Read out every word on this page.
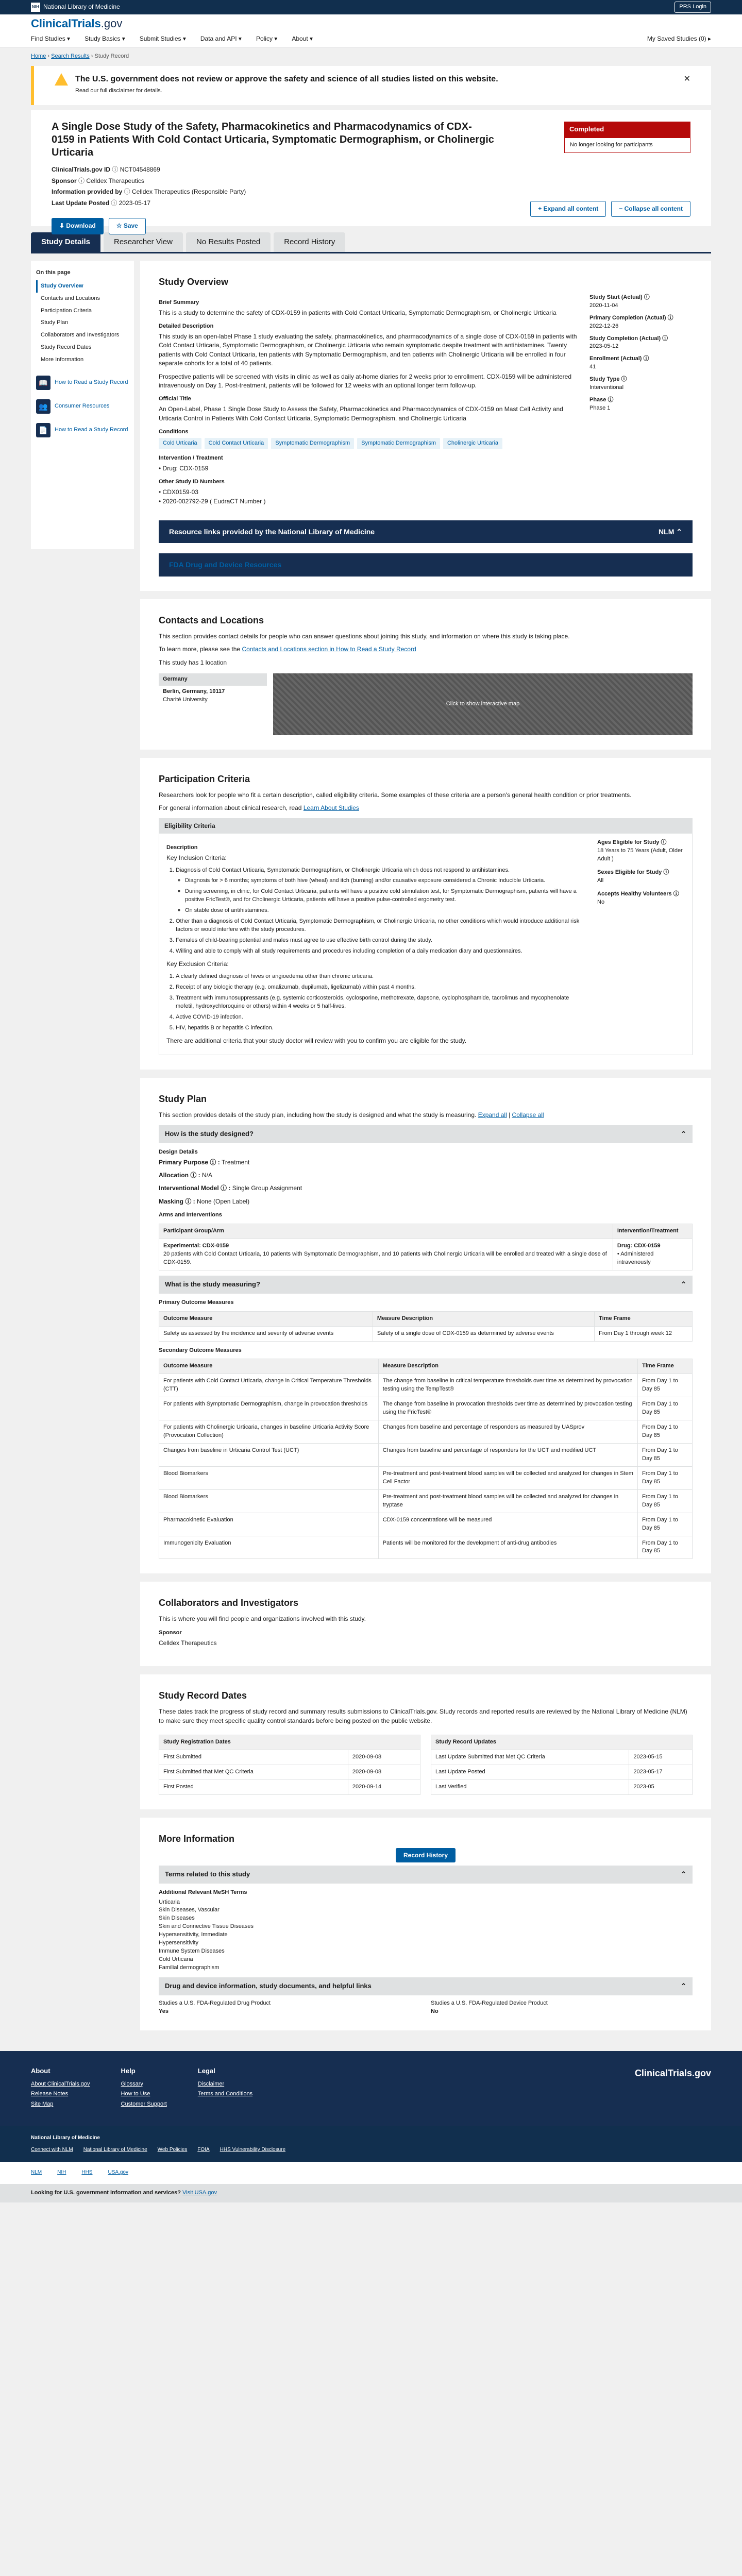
NIH National Library of Medicine	PRS Login
ClinicalTrials.gov
Find Studies ▾ Study Basics ▾ Submit Studies ▾ Data and API ▾ Policy ▾ About ▾	My Saved Studies (0) ▸
Home › Search Results › Study Record
The U.S. government does not review or approve the safety and science of all studies listed on this website.

Read our full disclaimer for details.

✕
A Single Dose Study of the Safety, Pharmacokinetics and Pharmacodynamics of CDX-0159 in Patients With Cold Contact Urticaria, Symptomatic Dermographism, or Cholinergic Urticaria
ClinicalTrials.gov ID ⓘ NCT04548869
Sponsor ⓘ Celldex Therapeutics
Information provided by ⓘ Celldex Therapeutics (Responsible Party)
Last Update Posted ⓘ 2023-05-17
Completed
No longer looking for participants
⬇ Download	☆ Save
+ Expand all content	− Collapse all content
Study Details	Researcher View	No Results Posted	Record History
On this page
Study Overview
Contacts and Locations
Participation Criteria
Study Plan
Collaborators and Investigators
Study Record Dates
More Information
📖	How to Read a Study Record
👥	Consumer Resources
📄	How to Read a Study Record
Study Overview
Brief Summary

This is a study to determine the safety of CDX-0159 in patients with Cold Contact Urticaria, Symptomatic Dermographism, or Cholinergic Urticaria

Detailed Description

This study is an open-label Phase 1 study evaluating the safety, pharmacokinetics, and pharmacodynamics of a single dose of CDX-0159 in patients with Cold Contact Urticaria, Symptomatic Dermographism, or Cholinergic Urticaria who remain symptomatic despite treatment with antihistamines. Twenty patients with Cold Contact Urticaria, ten patients with Symptomatic Dermographism, and ten patients with Cholinergic Urticaria will be enrolled in four separate cohorts for a total of 40 patients.

Prospective patients will be screened with visits in clinic as well as daily at-home diaries for 2 weeks prior to enrollment. CDX-0159 will be administered intravenously on Day 1. Post-treatment, patients will be followed for 12 weeks with an optional longer term follow-up.

Official Title

An Open-Label, Phase 1 Single Dose Study to Assess the Safety, Pharmacokinetics and Pharmacodynamics of CDX-0159 on Mast Cell Activity and Urticaria Control in Patients With Cold Contact Urticaria, Symptomatic Dermographism, and Cholinergic Urticaria

Conditions
Cold Urticaria	Cold Contact Urticaria	Symptomatic Dermographism	Symptomatic Dermographism	Cholinergic Urticaria
Intervention / Treatment

• Drug: CDX-0159

Other Study ID Numbers

• CDX0159-03
• 2020-002792-29 ( EudraCT Number )

Study Start (Actual) ⓘ
2020-11-04
Primary Completion (Actual) ⓘ
2022-12-26
Study Completion (Actual) ⓘ
2023-05-12
Enrollment (Actual) ⓘ
41
Study Type ⓘ
Interventional
Phase ⓘ
Phase 1
Resource links provided by the National Library of Medicine	NLM ⌃
FDA Drug and Device Resources
Contacts and Locations

This section provides contact details for people who can answer questions about joining this study, and information on where this study is taking place.

To learn more, please see the Contacts and Locations section in How to Read a Study Record

This study has 1 location

Germany
Berlin, Germany, 10117
Charité University
Click to show interactive map
Participation Criteria

Researchers look for people who fit a certain description, called eligibility criteria. Some examples of these criteria are a person's general health condition or prior treatments.

For general information about clinical research, read Learn About Studies

Eligibility Criteria
Description

Key Inclusion Criteria:

1. Diagnosis of Cold Contact Urticaria, Symptomatic Dermographism, or Cholinergic Urticaria which does not respond to antihistamines.
◦ Diagnosis for > 6 months; symptoms of both hive (wheal) and itch (burning) and/or causative exposure considered a Chronic Inducible Urticaria.
◦ During screening, in clinic, for Cold Contact Urticaria, patients will have a positive cold stimulation test, for Symptomatic Dermographism, patients will have a positive FricTest®, and for Cholinergic Urticaria, patients will have a positive pulse-controlled ergometry test.
◦ On stable dose of antihistamines.
2. Other than a diagnosis of Cold Contact Urticaria, Symptomatic Dermographism, or Cholinergic Urticaria, no other conditions which would introduce additional risk factors or would interfere with the study procedures.
3. Females of child-bearing potential and males must agree to use effective birth control during the study.
4. Willing and able to comply with all study requirements and procedures including completion of a daily medication diary and questionnaires.

Key Exclusion Criteria:

1. A clearly defined diagnosis of hives or angioedema other than chronic urticaria.
2. Receipt of any biologic therapy (e.g. omalizumab, dupilumab, ligelizumab) within past 4 months.
3. Treatment with immunosuppressants (e.g. systemic corticosteroids, cyclosporine, methotrexate, dapsone, cyclophosphamide, tacrolimus and mycophenolate mofetil, hydroxychloroquine or others) within 4 weeks or 5 half-lives.
4. Active COVID-19 infection.
5. HIV, hepatitis B or hepatitis C infection.

There are additional criteria that your study doctor will review with you to confirm you are eligible for the study.

Ages Eligible for Study ⓘ
18 Years to 75 Years (Adult, Older Adult )
Sexes Eligible for Study ⓘ
All
Accepts Healthy Volunteers ⓘ
No
Study Plan

This section provides details of the study plan, including how the study is designed and what the study is measuring. Expand all | Collapse all

How is the study designed?	⌃
Design Details

Primary Purpose ⓘ : Treatment

Allocation ⓘ : N/A

Interventional Model ⓘ : Single Group Assignment

Masking ⓘ : None (Open Label)

Arms and Interventions
Participant Group/Arm	Intervention/Treatment
Experimental: CDX-0159
20 patients with Cold Contact Urticaria, 10 patients with Symptomatic Dermographism, and 10 patients with Cholinergic Urticaria will be enrolled and treated with a single dose of CDX-0159.	Drug: CDX-0159
• Administered intravenously
What is the study measuring?	⌃
Primary Outcome Measures
Outcome Measure	Measure Description	Time Frame
Safety as assessed by the incidence and severity of adverse events	Safety of a single dose of CDX-0159 as determined by adverse events	From Day 1 through week 12
Secondary Outcome Measures
Outcome Measure	Measure Description	Time Frame
For patients with Cold Contact Urticaria, change in Critical Temperature Thresholds (CTT)	The change from baseline in critical temperature thresholds over time as determined by provocation testing using the TempTest®	From Day 1 to Day 85
For patients with Symptomatic Dermographism, change in provocation thresholds	The change from baseline in provocation thresholds over time as determined by provocation testing using the FricTest®	From Day 1 to Day 85
For patients with Cholinergic Urticaria, changes in baseline Urticaria Activity Score (Provocation Collection)	Changes from baseline and percentage of responders as measured by UASprov	From Day 1 to Day 85
Changes from baseline in Urticaria Control Test (UCT)	Changes from baseline and percentage of responders for the UCT and modified UCT	From Day 1 to Day 85
Blood Biomarkers	Pre-treatment and post-treatment blood samples will be collected and analyzed for changes in Stem Cell Factor	From Day 1 to Day 85
Blood Biomarkers	Pre-treatment and post-treatment blood samples will be collected and analyzed for changes in tryptase	From Day 1 to Day 85
Pharmacokinetic Evaluation	CDX-0159 concentrations will be measured	From Day 1 to Day 85
Immunogenicity Evaluation	Patients will be monitored for the development of anti-drug antibodies	From Day 1 to Day 85
Collaborators and Investigators

This is where you will find people and organizations involved with this study.

Sponsor

Celldex Therapeutics

Study Record Dates

These dates track the progress of study record and summary results submissions to ClinicalTrials.gov. Study records and reported results are reviewed by the National Library of Medicine (NLM) to make sure they meet specific quality control standards before being posted on the public website.

Study Registration Dates	
First Submitted	2020-09-08
First Submitted that Met QC Criteria	2020-09-08
First Posted	2020-09-14
Study Record Updates	
Last Update Submitted that Met QC Criteria	2023-05-15
Last Update Posted	2023-05-17
Last Verified	2023-05
More Information
Record History
Terms related to this study	⌃
Additional Relevant MeSH Terms
Urticaria
Skin Diseases, Vascular
Skin Diseases
Skin and Connective Tissue Diseases
Hypersensitivity, Immediate
Hypersensitivity
Immune System Diseases
Cold Urticaria
Familial dermographism
Drug and device information, study documents, and helpful links	⌃
Studies a U.S. FDA-Regulated Drug Product
Yes
Studies a U.S. FDA-Regulated Device Product
No
About
About ClinicalTrials.gov
Release Notes
Site Map
Help
Glossary
How to Use
Customer Support
Legal
Disclaimer
Terms and Conditions
ClinicalTrials.gov
National Library of Medicine
Connect with NLM National Library of Medicine Web Policies FOIA HHS Vulnerability Disclosure
NLM	NIH	HHS	USA.gov
Looking for U.S. government information and services? Visit USA.gov
